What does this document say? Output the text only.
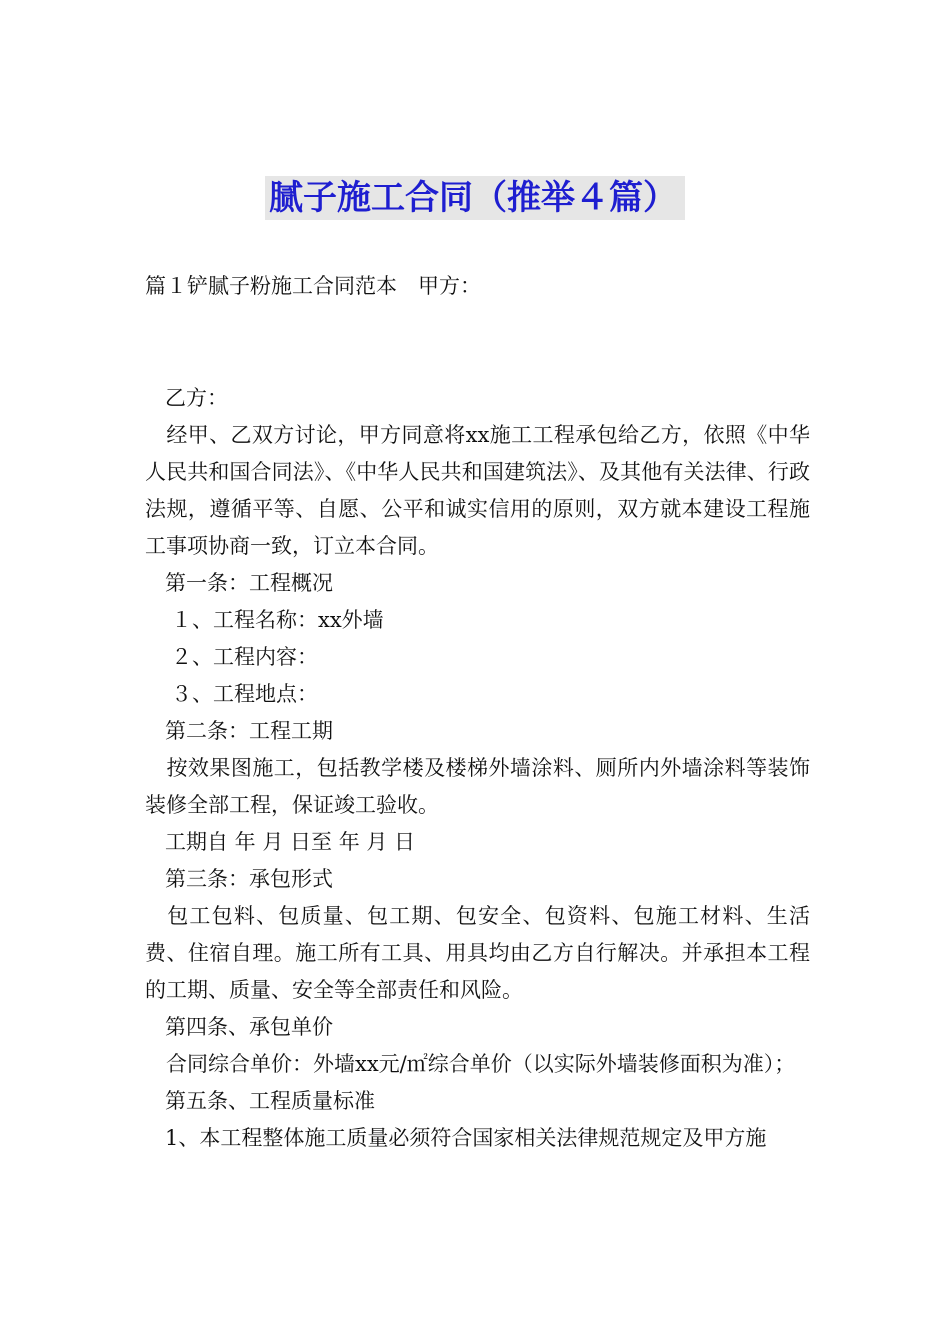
腻子施工合同（推举４篇）
篇１铲腻子粉施工合同范本　甲方：

乙方：

　经甲、乙双方讨论，甲方同意将xx施工工程承包给乙方，依照《中华人民共和国合同法》、《中华人民共和国建筑法》、及其他有关法律、行政法规，遵循平等、自愿、公平和诚实信用的原则，双方就本建设工程施工事项协商一致，订立本合同。

第一条：工程概况

１、工程名称：xx外墙

２、工程内容：

３、工程地点：

第二条：工程工期

　按效果图施工，包括教学楼及楼梯外墙涂料、厕所内外墙涂料等装饰装修全部工程，保证竣工验收。

工期自 年 月 日至 年 月 日

第三条：承包形式

　包工包料、包质量、包工期、包安全、包资料、包施工材料、生活费、住宿自理。施工所有工具、用具均由乙方自行解决。并承担本工程的工期、质量、安全等全部责任和风险。

第四条、承包单价

　合同综合单价：外墙xx元/㎡综合单价（以实际外墙装修面积为准）；

第五条、工程质量标准

1、本工程整体施工质量必须符合国家相关法律规范规定及甲方施
